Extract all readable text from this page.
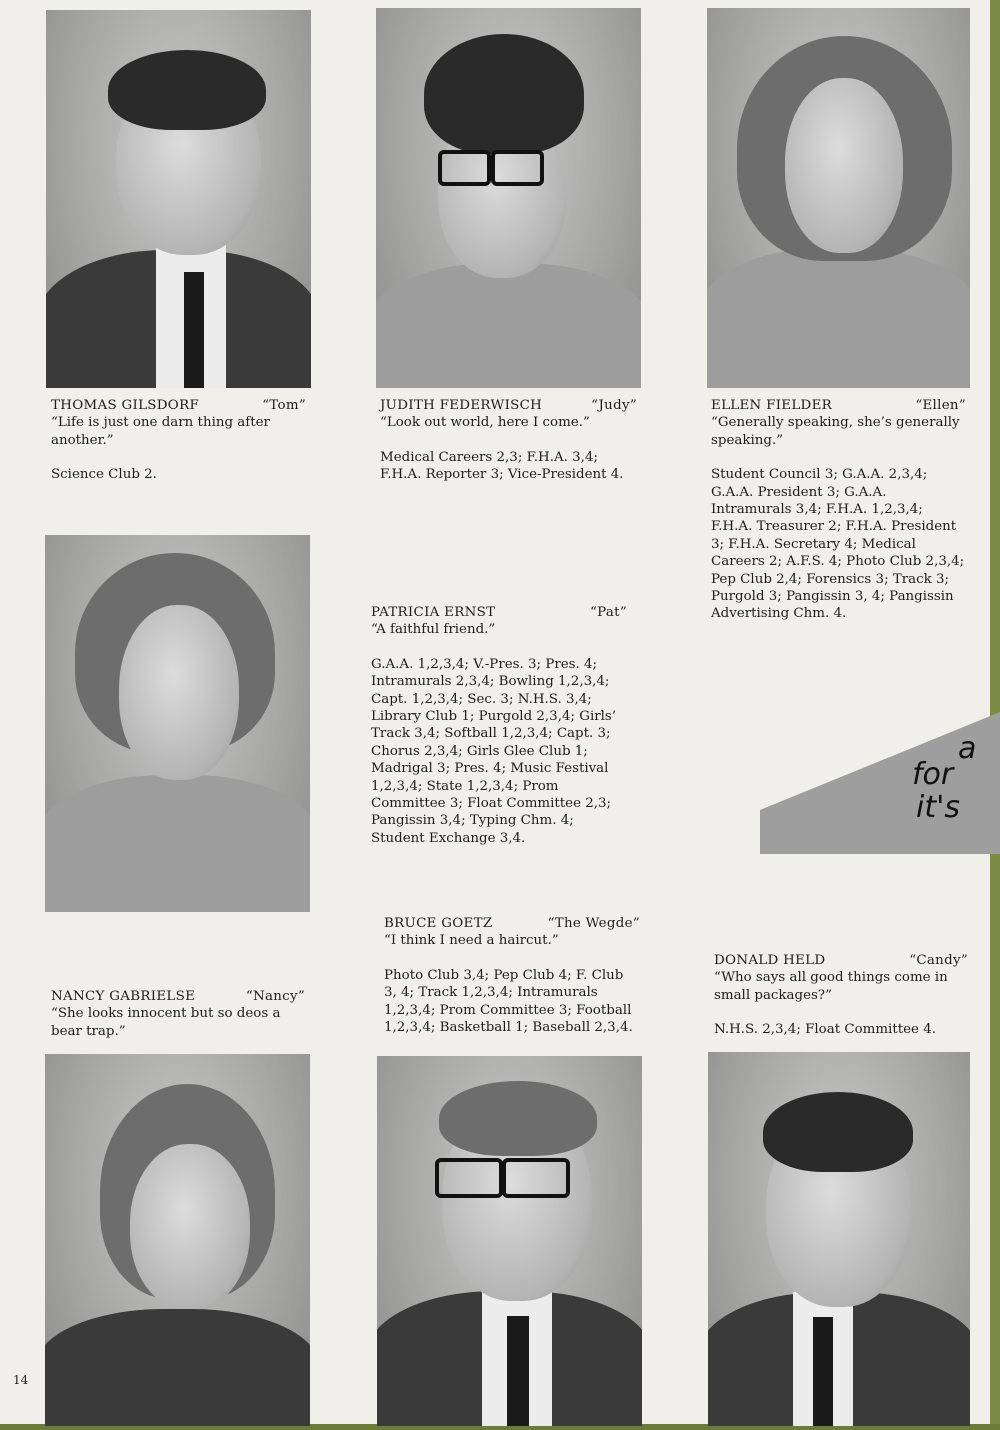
THOMAS GILSDORF	“Tom”

“Life is just one darn thing after another.”

Science Club 2.
JUDITH FEDERWISCH	“Judy”

“Look out world, here I come.”

Medical Careers 2,3; F.H.A. 3,4; F.H.A. Reporter 3; Vice-President 4.
ELLEN FIELDER	“Ellen”

“Generally speaking, she’s generally speaking.”

Student Council 3; G.A.A. 2,3,4; G.A.A. President 3; G.A.A. Intramurals 3,4; F.H.A. 1,2,3,4; F.H.A. Treasurer 2; F.H.A. President 3; F.H.A. Secretary 4; Medical Careers 2; A.F.S. 4; Photo Club 2,3,4; Pep Club 2,4; Forensics 3; Track 3; Purgold 3; Pangissin 3, 4; Pangissin Advertising Chm. 4.
PATRICIA ERNST	“Pat”

“A faithful friend.”

G.A.A. 1,2,3,4; V.-Pres. 3; Pres. 4; Intramurals 2,3,4; Bowling 1,2,3,4; Capt. 1,2,3,4; Sec. 3; N.H.S. 3,4; Library Club 1; Purgold 2,3,4; Girls’ Track 3,4; Softball 1,2,3,4; Capt. 3; Chorus 2,3,4; Girls Glee Club 1; Madrigal 3; Pres. 4; Music Festival 1,2,3,4; State 1,2,3,4; Prom Committee 3; Float Committee 2,3; Pangissin 3,4; Typing Chm. 4; Student Exchange 3,4.
BRUCE GOETZ	“The Wegde”

“I think I need a haircut.”

Photo Club 3,4; Pep Club 4; F. Club 3, 4; Track 1,2,3,4; Intramurals 1,2,3,4; Prom Committee 3; Football 1,2,3,4; Basketball 1; Baseball 2,3,4.
DONALD HELD	“Candy”

“Who says all good things come in small packages?”

N.H.S. 2,3,4; Float Committee 4.
NANCY GABRIELSE	“Nancy”

“She looks innocent but so deos a bear trap.”

a
for
it's
14
